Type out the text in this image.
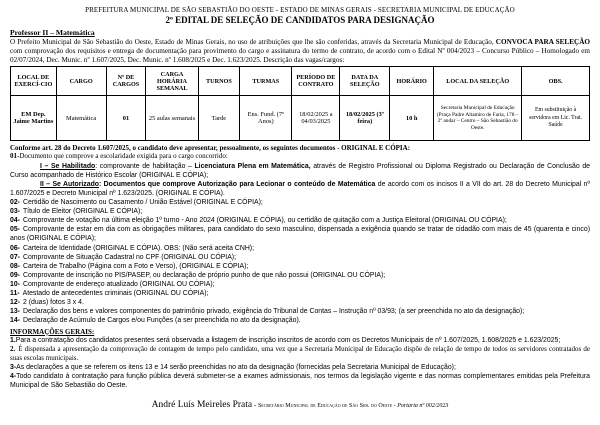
PREFEITURA MUNICIPAL DE SÃO SEBASTIÃO DO OESTE - ESTADO DE MINAS GERAIS - SECRETARIA MUNICIPAL DE EDUCAÇÃO
2º EDITAL DE SELEÇÃO DE CANDIDATOS PARA DESIGNAÇÃO
Professor II – Matemática
O Prefeito Municipal de São Sebastião do Oeste, Estado de Minas Gerais, no uso de atribuições que lhe são conferidas, através da Secretaria Municipal de Educação, CONVOCA PARA SELEÇÃO com comprovação dos requisitos e entrega de documentação para provimento do cargo e assinatura do termo de contrato, de acordo com o Edital Nº 004/2023 – Concurso Público – Homologado em 02/07/2024, Dec. Munic. nº 1.607/2025, Dec. Munic. nº 1.608/2025 e Dec. 1.623/2025. Descrição das vagas/cargos:
LOCAL DE EXERCÍ-CIO	CARGO	Nº DE CARGOS	CARGA HORÁRIA SEMANAL	TURNOS	TURMAS	PERÍODO DE CONTRATO	DATA DA SELEÇÃO	HORÁRIO	LOCAL DA SELEÇÃO	OBS.
EM Dep. Jaime Martins	Matemática	01	25 aulas semanais	Tarde	Ens. Fund. (7º Anos)	18/02/2025 a 04/03/2025	18/02/2025 (3ª feira)	10 h	Secretaria Municipal de Educação (Praça Padre Altamiro de Faria, 178 – 2º andar – Centro – São Sebastião do Oeste.	Em substituição à servidora em Lic. Trat. Saúde
Conforme art. 28 do Decreto 1.607/2025, o candidato deve apresentar, pessoalmente, os seguintes documentos - ORIGINAL E CÓPIA:
01-Documento que comprove a escolaridade exigida para o cargo concorrido:
I – Se Habilitado: comprovante de habilitação – Licenciatura Plena em Matemática, através de Registro Profissional ou Diploma Registrado ou Declaração de Conclusão de Curso acompanhado de Histórico Escolar (ORIGINAL E CÓPIA);
II – Se Autorizado: Documentos que comprove Autorização para Lecionar o conteúdo de Matemática de acordo com os incisos II a VII do art. 28 do Decreto Municipal nº 1.607/2025 e Decreto Municipal nº 1.623/2025. (ORIGINAL E CÓPIA).
02- Certidão de Nascimento ou Casamento / União Estável (ORIGINAL E CÓPIA);
03- Título de Eleitor (ORIGINAL E CÓPIA);
04- Comprovante de votação na última eleição 1º turno - Ano 2024 (ORIGINAL E CÓPIA), ou certidão de quitação com a Justiça Eleitoral (ORIGINAL OU CÓPIA);
05- Comprovante de estar em dia com as obrigações militares, para candidato do sexo masculino, dispensada a exigência quando se tratar de cidadão com mais de 45 (quarenta e cinco) anos (ORIGINAL E CÓPIA);
06- Carteira de Identidade (ORIGINAL E CÓPIA). OBS: (Não será aceita CNH);
07- Comprovante de Situação Cadastral no CPF (ORIGINAL OU CÓPIA);
08- Carteira de Trabalho (Página com a Foto e Verso), (ORIGINAL E CÓPIA);
09- Comprovante de inscrição no PIS/PASEP, ou declaração de próprio punho de que não possui (ORIGINAL OU CÓPIA);
10- Comprovante de endereço atualizado (ORIGINAL OU CÓPIA);
11- Atestado de antecedentes criminais (ORIGINAL OU CÓPIA);
12- 2 (duas) fotos 3 x 4.
13- Declaração dos bens e valores componentes do patrimônio privado, exigência do Tribunal de Contas – Instrução nº 03/93; (a ser preenchida no ato da designação);
14- Declaração de Acúmulo de Cargos e/ou Funções (a ser preenchida no ato da designação).
INFORMAÇÕES GERAIS:
1.Para a contratação dos candidatos presentes será observada a listagem de inscrição inscritos de acordo com os Decretos Municipais de nº 1.607/2025, 1.608/2025 e 1.623/2025;
2. É dispensada a apresentação da comprovação de contagem de tempo pelo candidato, uma vez que a Secretaria Municipal de Educação dispõe de relação de tempo de todos os servidores contratados de suas escolas municipais.
3-As declarações a que se referem os itens 13 e 14 serão preenchidas no ato da designação (fornecidas pela Secretaria Municipal de Educação);
4-Todo candidato à contratação para função pública deverá submeter-se a exames admissionais, nos termos da legislação vigente e das normas complementares emitidas pela Prefeitura Municipal de São Sebastião do Oeste.
André Luís Meireles Prata - Secretário Municipal de Educação de São Seb. do Oeste - Portaria nº 002/2023
